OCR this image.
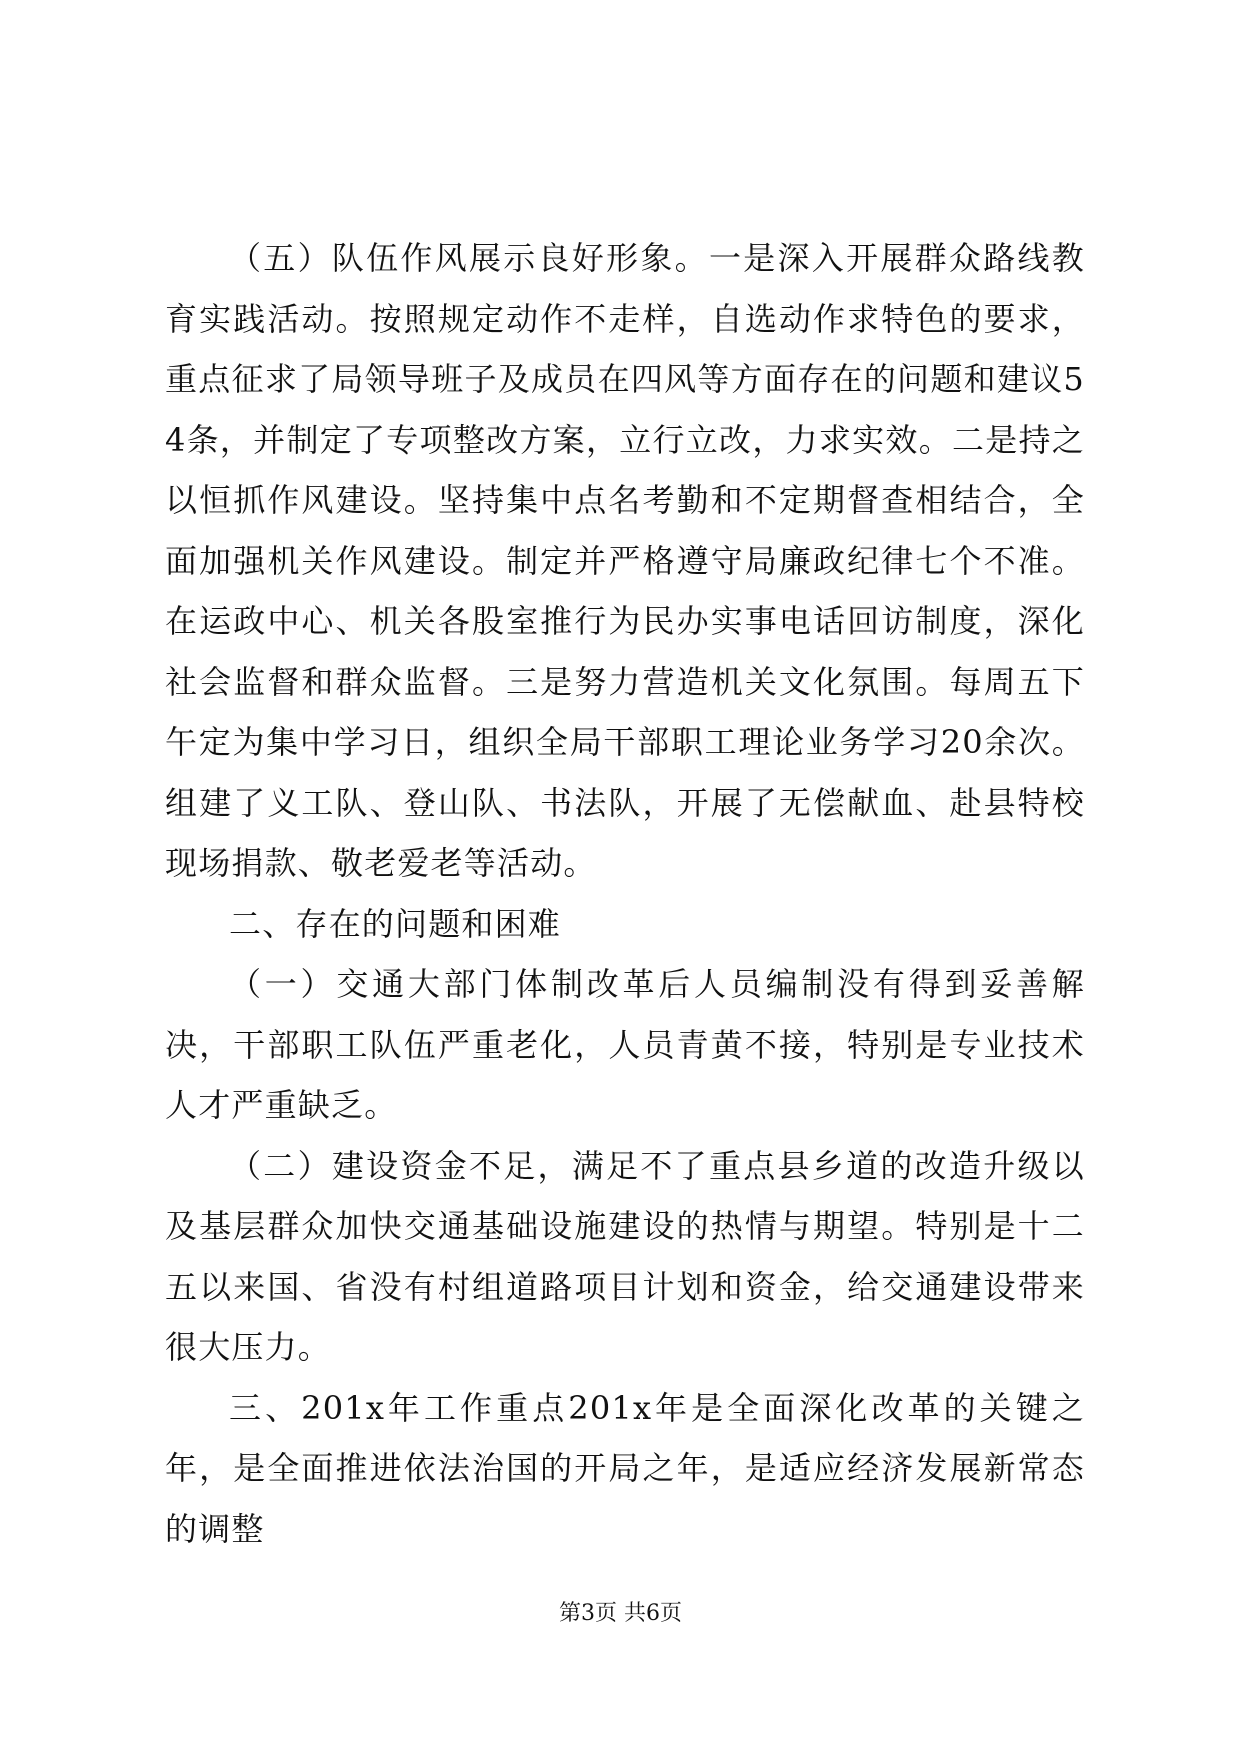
（五）队伍作风展示良好形象。一是深入开展群众路线教育实践活动。按照规定动作不走样，自选动作求特色的要求，重点征求了局领导班子及成员在四风等方面存在的问题和建议54条，并制定了专项整改方案，立行立改，力求实效。二是持之以恒抓作风建设。坚持集中点名考勤和不定期督查相结合，全面加强机关作风建设。制定并严格遵守局廉政纪律七个不准。在运政中心、机关各股室推行为民办实事电话回访制度，深化社会监督和群众监督。三是努力营造机关文化氛围。每周五下午定为集中学习日，组织全局干部职工理论业务学习20余次。组建了义工队、登山队、书法队，开展了无偿献血、赴县特校现场捐款、敬老爱老等活动。

二、存在的问题和困难

（一）交通大部门体制改革后人员编制没有得到妥善解决，干部职工队伍严重老化，人员青黄不接，特别是专业技术人才严重缺乏。

（二）建设资金不足，满足不了重点县乡道的改造升级以及基层群众加快交通基础设施建设的热情与期望。特别是十二五以来国、省没有村组道路项目计划和资金，给交通建设带来很大压力。

三、201x年工作重点201x年是全面深化改革的关键之年，是全面推进依法治国的开局之年，是适应经济发展新常态的调整

第3页 共6页
